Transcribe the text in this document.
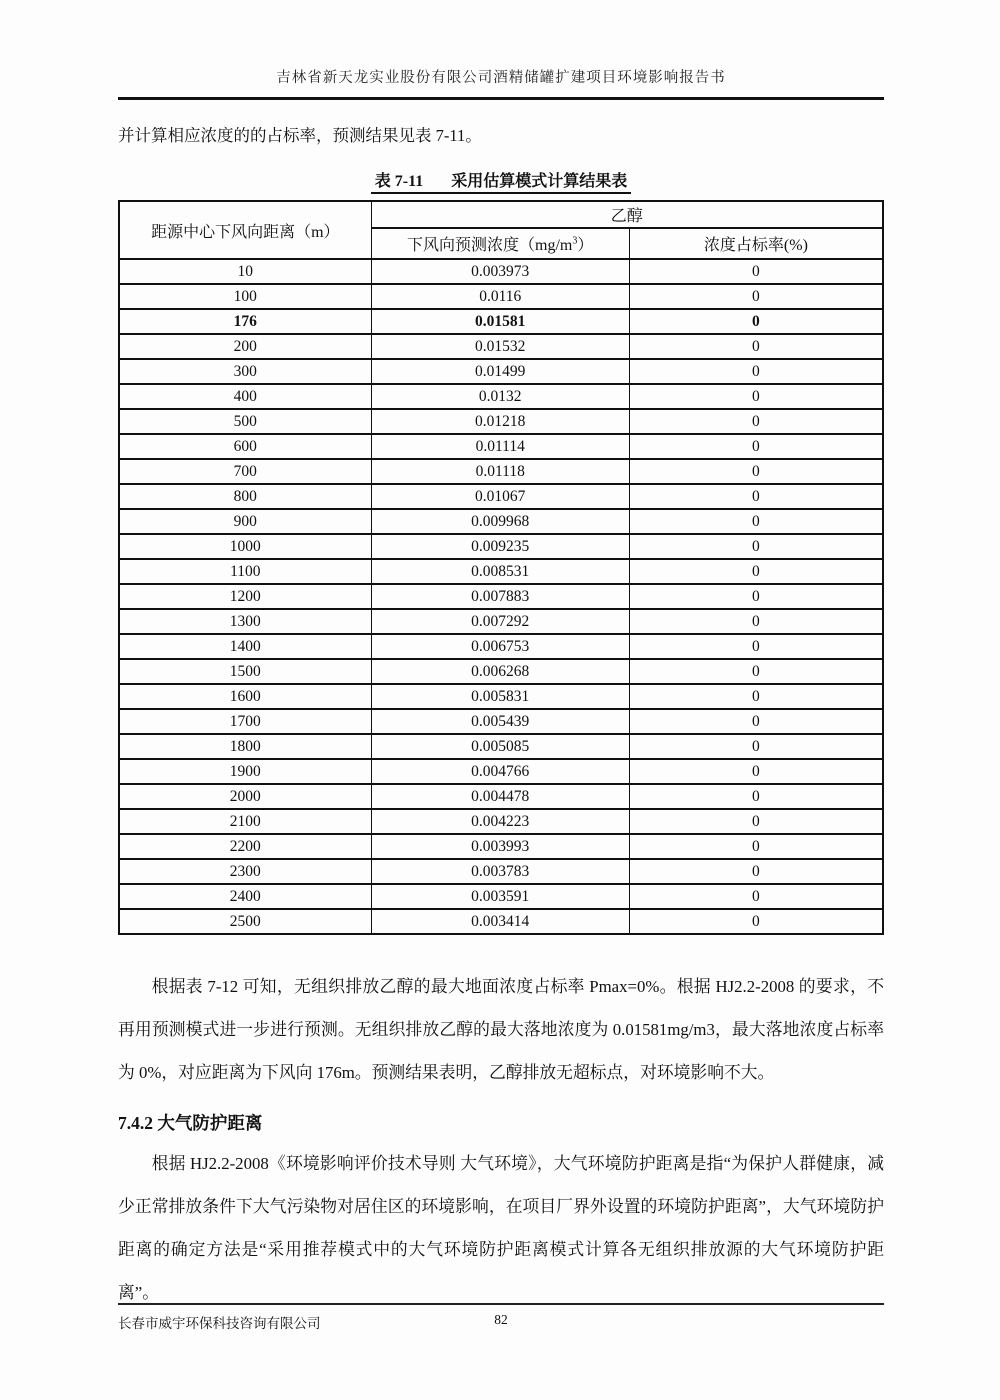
吉林省新天龙实业股份有限公司酒精储罐扩建项目环境影响报告书

并计算相应浓度的的占标率，预测结果见表 7-11。

表 7-11 采用估算模式计算结果表
距源中心下风向距离（m）	乙醇	
	下风向预测浓度$(mg/m^3)$	浓度占标率(%)
10	0.003973	0
100	0.0116	0
176	0.01581	0
200	0.01532	0
300	0.01499	0
400	0.0132	0
500	0.01218	0
600	0.01114	0
700	0.01118	0
800	0.01067	0
900	0.009968	0
1000	0.009235	0
1100	0.008531	0
1200	0.007883	0
1300	0.007292	0
1400	0.006753	0
1500	0.006268	0
1600	0.005831	0
1700	0.005439	0
1800	0.005085	0
1900	0.004766	0
2000	0.004478	0
2100	0.004223	0
2200	0.003993	0
2300	0.003783	0
2400	0.003591	0
2500	0.003414	0

根据表 7-12 可知，无组织排放乙醇的最大地面浓度占标率 Pmax=0%。根据 HJ2.2-2008 的要求，不再用预测模式进一步进行预测。无组织排放乙醇的最大落地浓度为 0.01581mg/m3，最大落地浓度占标率为 0%，对应距离为下风向 176m。预测结果表明，乙醇排放无超标点，对环境影响不大。

7.4.2 大气防护距离

根据 HJ2.2-2008《环境影响评价技术导则 大气环境》，大气环境防护距离是指“为保护人群健康，减少正常排放条件下大气污染物对居住区的环境影响，在项目厂界外设置的环境防护距离”，大气环境防护距离的确定方法是“采用推荐模式中的大气环境防护距离模式计算各无组织排放源的大气环境防护距离”。

长春市威宇环保科技咨询有限公司	82
